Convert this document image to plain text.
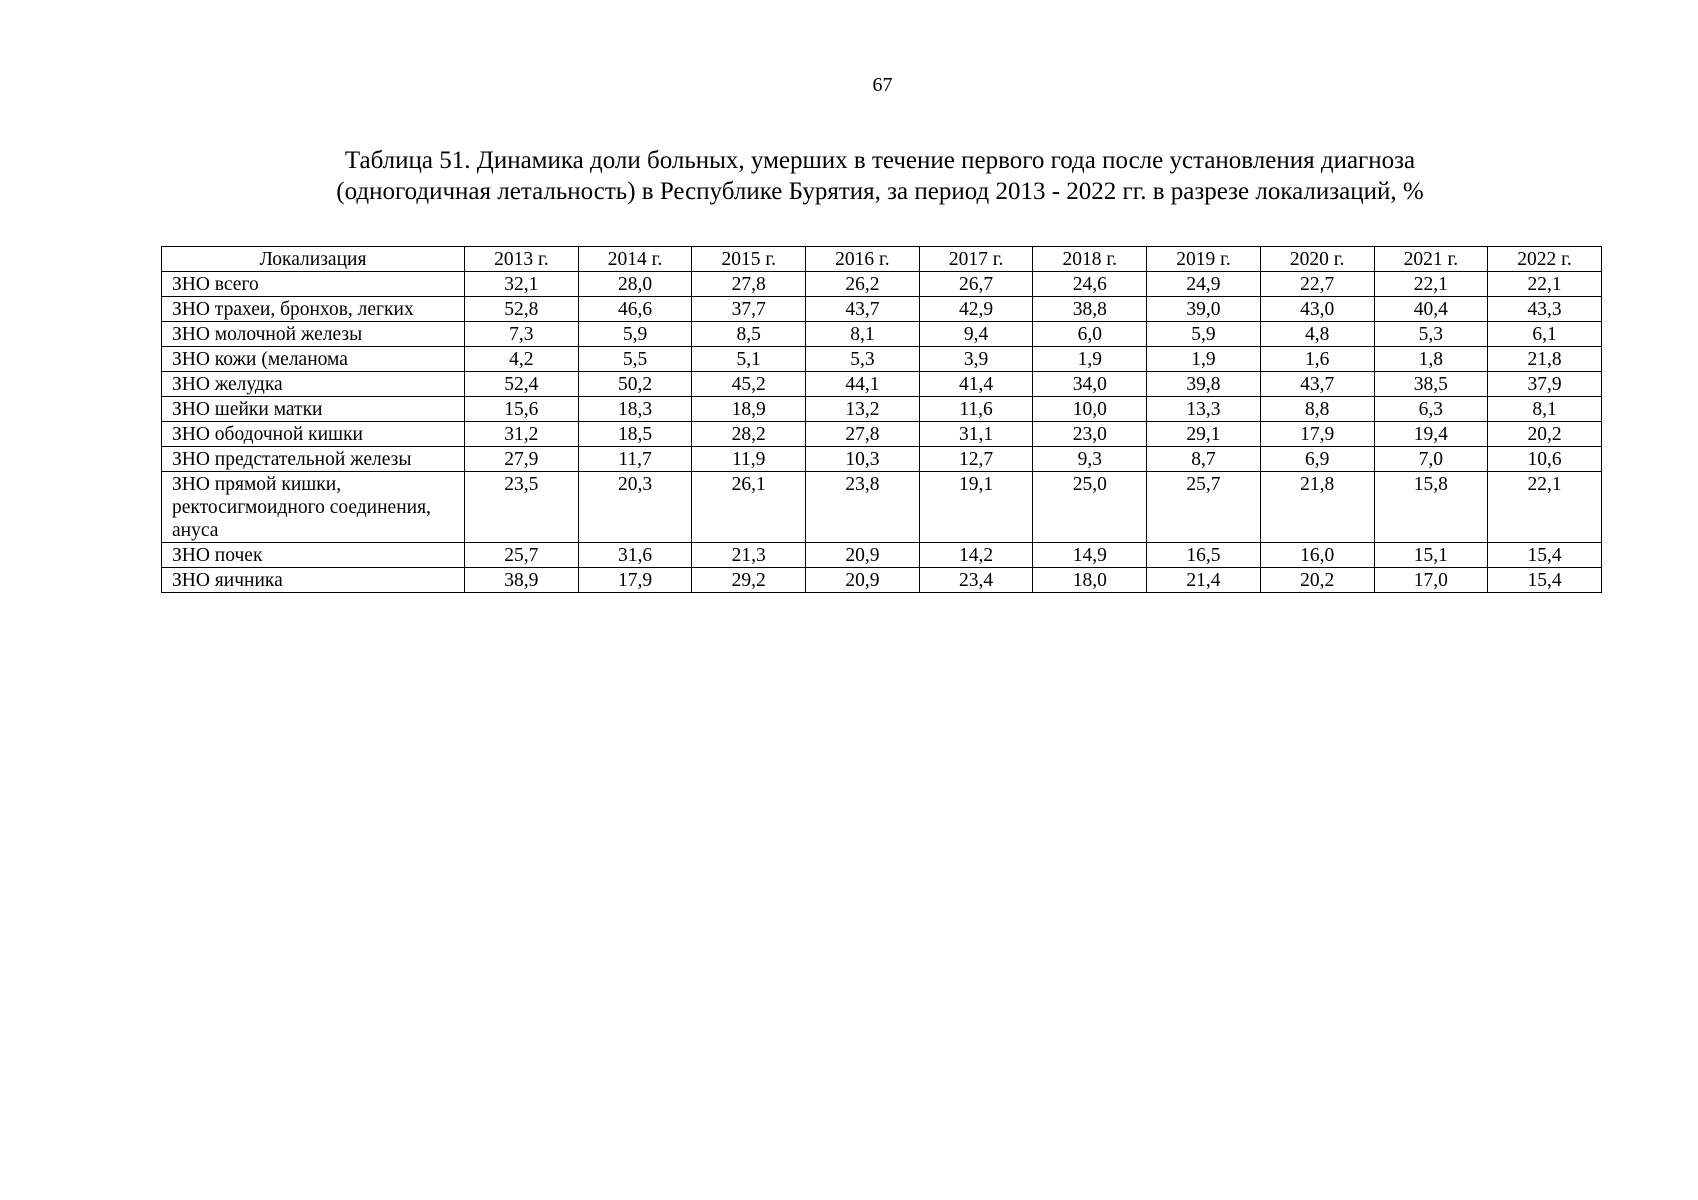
67
Таблица 51. Динамика доли больных, умерших в течение первого года после установления диагноза
(одногодичная летальность) в Республике Бурятия, за период 2013 - 2022 гг. в разрезе локализаций, %
Локализация	2013 г.	2014 г.	2015 г.	2016 г.	2017 г.	2018 г.	2019 г.	2020 г.	2021 г.	2022 г.
ЗНО всего	32,1	28,0	27,8	26,2	26,7	24,6	24,9	22,7	22,1	22,1
ЗНО трахеи, бронхов, легких	52,8	46,6	37,7	43,7	42,9	38,8	39,0	43,0	40,4	43,3
ЗНО молочной железы	7,3	5,9	8,5	8,1	9,4	6,0	5,9	4,8	5,3	6,1
ЗНО кожи (меланома	4,2	5,5	5,1	5,3	3,9	1,9	1,9	1,6	1,8	21,8
ЗНО желудка	52,4	50,2	45,2	44,1	41,4	34,0	39,8	43,7	38,5	37,9
ЗНО шейки матки	15,6	18,3	18,9	13,2	11,6	10,0	13,3	8,8	6,3	8,1
ЗНО ободочной кишки	31,2	18,5	28,2	27,8	31,1	23,0	29,1	17,9	19,4	20,2
ЗНО предстательной железы	27,9	11,7	11,9	10,3	12,7	9,3	8,7	6,9	7,0	10,6
ЗНО прямой кишки, ректосигмоидного соединения, ануса	23,5	20,3	26,1	23,8	19,1	25,0	25,7	21,8	15,8	22,1
ЗНО почек	25,7	31,6	21,3	20,9	14,2	14,9	16,5	16,0	15,1	15,4
ЗНО яичника	38,9	17,9	29,2	20,9	23,4	18,0	21,4	20,2	17,0	15,4
